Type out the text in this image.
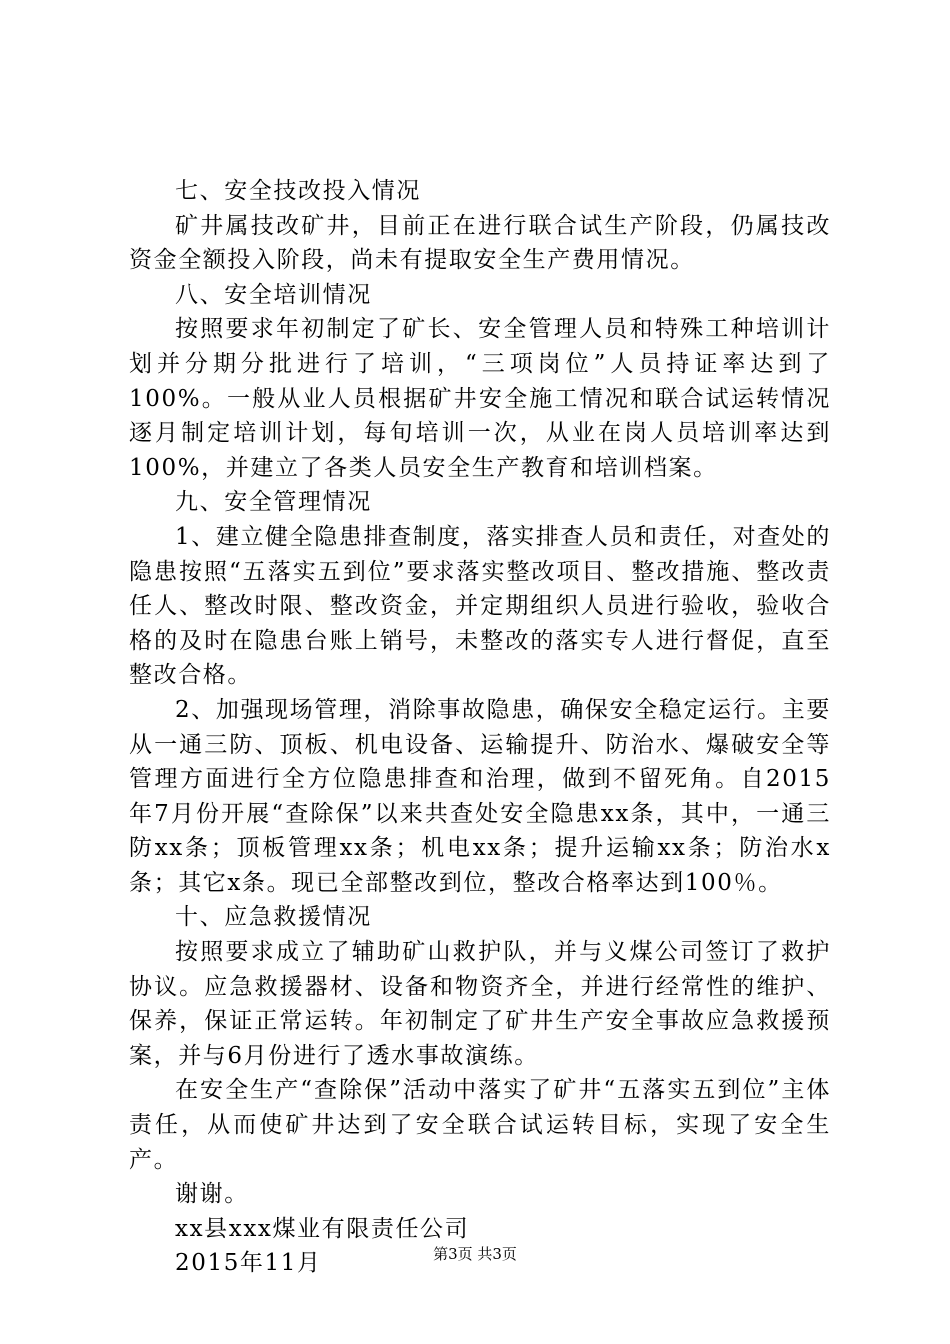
七、安全技改投入情况

矿井属技改矿井，目前正在进行联合试生产阶段，仍属技改资金全额投入阶段，尚未有提取安全生产费用情况。

八、安全培训情况

按照要求年初制定了矿长、安全管理人员和特殊工种培训计划并分期分批进行了培训，“三项岗位”人员持证率达到了100%。一般从业人员根据矿井安全施工情况和联合试运转情况逐月制定培训计划，每旬培训一次，从业在岗人员培训率达到100%，并建立了各类人员安全生产教育和培训档案。

九、安全管理情况

1、建立健全隐患排查制度，落实排查人员和责任，对查处的隐患按照“五落实五到位”要求落实整改项目、整改措施、整改责任人、整改时限、整改资金，并定期组织人员进行验收，验收合格的及时在隐患台账上销号，未整改的落实专人进行督促，直至整改合格。

2、加强现场管理，消除事故隐患，确保安全稳定运行。主要从一通三防、顶板、机电设备、运输提升、防治水、爆破安全等管理方面进行全方位隐患排查和治理，做到不留死角。自2015年7月份开展“查除保”以来共查处安全隐患xx条，其中，一通三防xx条；顶板管理xx条；机电xx条；提升运输xx条；防治水x条；其它x条。现已全部整改到位，整改合格率达到100％。

十、应急救援情况

按照要求成立了辅助矿山救护队，并与义煤公司签订了救护协议。应急救援器材、设备和物资齐全，并进行经常性的维护、保养，保证正常运转。年初制定了矿井生产安全事故应急救援预案，并与6月份进行了透水事故演练。

在安全生产“查除保”活动中落实了矿井“五落实五到位”主体责任，从而使矿井达到了安全联合试运转目标，实现了安全生产。

谢谢。

xx县xxx煤业有限责任公司

2015年11月	第3页 共3页
